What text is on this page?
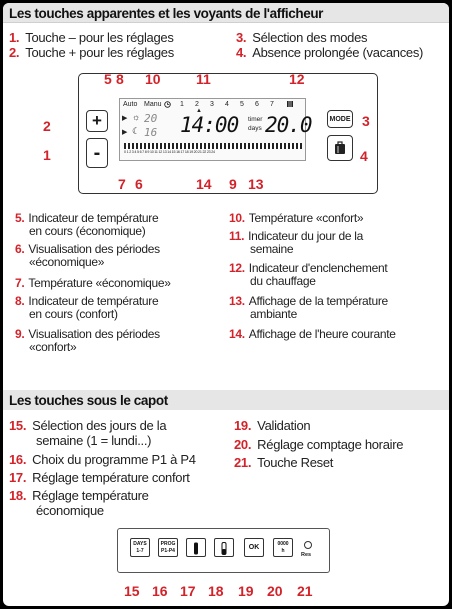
Les touches apparentes et les voyants de l'afficheur
1. Touche – pour les réglages
2. Touche + pour les réglages
3. Sélection des modes
4. Absence prolongée (vacances)
+
-
MODE
Auto Manu	1 2 3 4 5 6 7
▲
▶ ☼ 20
▶ ☾ 16 14:00 timer
days 20.0
0 1 2 3 4 5 6 7 8 9 10 11 12 13 14 15 16 17 18 19 20 21 22 23 24
5 8 10	11	12
2
1
3
4
7 6	14 9 13
5. Indicateur de température
en cours (économique)
6. Visualisation des périodes
«économique»
7. Température «économique»
8. Indicateur de température
en cours (confort)
9. Visualisation des périodes
«confort»
10. Température «confort»
11. Indicateur du jour de la
semaine
12. Indicateur d'enclenchement
du chauffage
13. Affichage de la température
ambiante
14. Affichage de l'heure courante
Les touches sous le capot
15. Sélection des jours de la
semaine (1 = lundi...)
16. Choix du programme P1 à P4
17. Réglage température confort
18. Réglage température
économique
19. Validation
20. Réglage comptage horaire
21. Touche Reset
DAYS
1-7
PROG
P1-P4	OK	0000
h
Res
15 16 17 18 19 20 21
